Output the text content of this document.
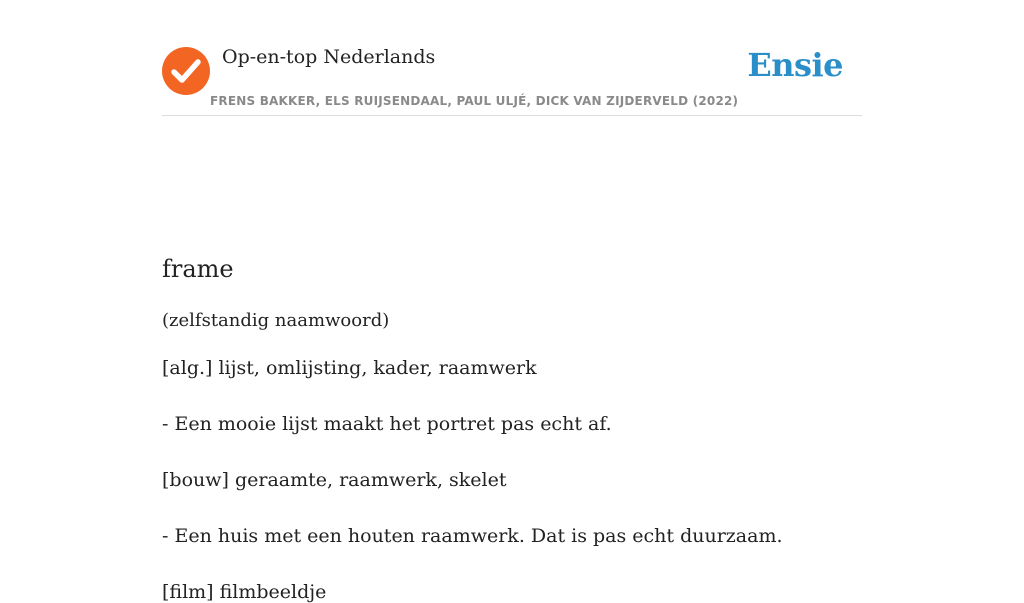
Op-en-top Nederlands
FRENS BAKKER, ELS RUIJSENDAAL, PAUL ULJÉ, DICK VAN ZIJDERVELD (2022)
Ensie
frame
(zelfstandig naamwoord)
[alg.] lijst, omlijsting, kader, raamwerk
- Een mooie lijst maakt het portret pas echt af.
[bouw] geraamte, raamwerk, skelet
- Een huis met een houten raamwerk. Dat is pas echt duurzaam.
[film] filmbeeldje
